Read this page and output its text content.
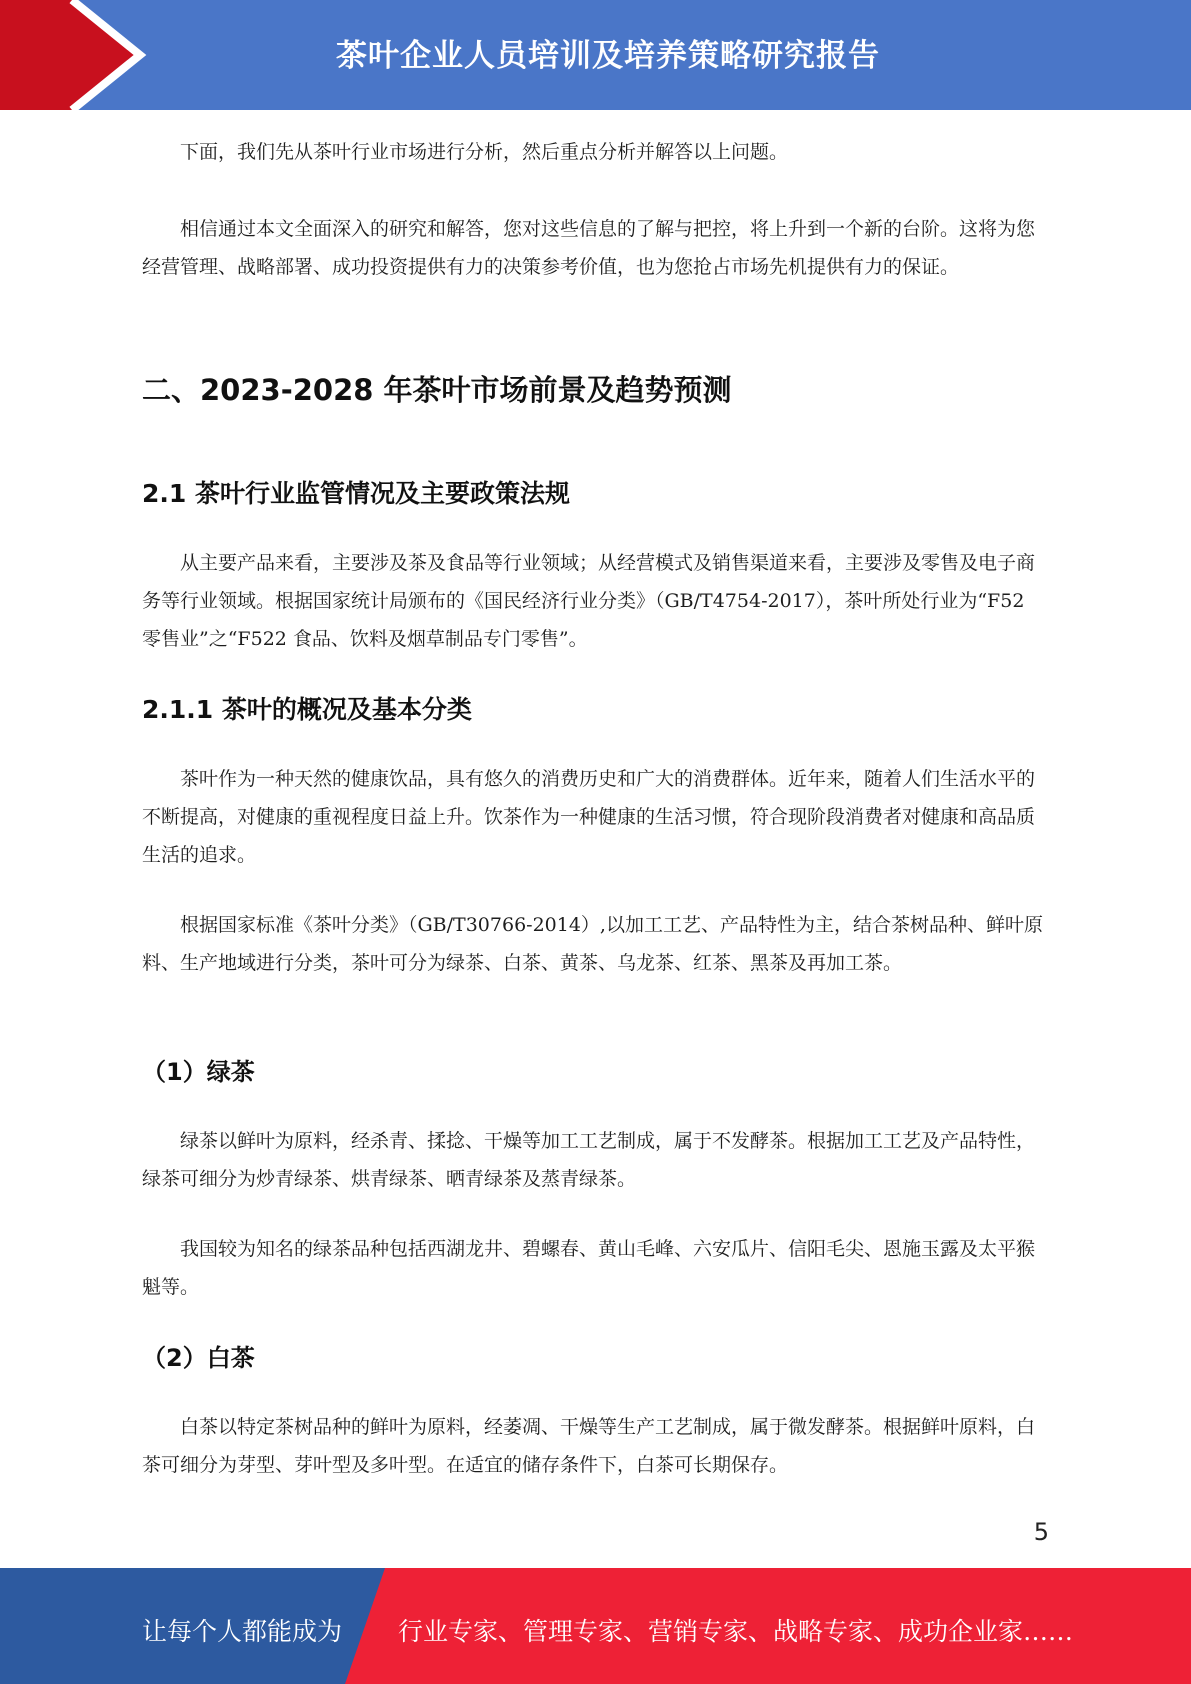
茶叶企业人员培训及培养策略研究报告

下面，我们先从茶叶行业市场进行分析，然后重点分析并解答以上问题。

相信通过本文全面深入的研究和解答，您对这些信息的了解与把控，将上升到一个新的台阶。这将为您经营管理、战略部署、成功投资提供有力的决策参考价值，也为您抢占市场先机提供有力的保证。

二、2023-2028 年茶叶市场前景及趋势预测
2.1 茶叶行业监管情况及主要政策法规

从主要产品来看，主要涉及茶及食品等行业领域；从经营模式及销售渠道来看，主要涉及零售及电子商务等行业领域。根据国家统计局颁布的《国民经济行业分类》（GB/T4754-2017），茶叶所处行业为“F52 零售业”之“F522 食品、饮料及烟草制品专门零售”。

2.1.1 茶叶的概况及基本分类

茶叶作为一种天然的健康饮品，具有悠久的消费历史和广大的消费群体。近年来，随着人们生活水平的不断提高，对健康的重视程度日益上升。饮茶作为一种健康的生活习惯，符合现阶段消费者对健康和高品质生活的追求。

根据国家标准《茶叶分类》（GB/T30766-2014）,以加工工艺、产品特性为主，结合茶树品种、鲜叶原料、生产地域进行分类，茶叶可分为绿茶、白茶、黄茶、乌龙茶、红茶、黑茶及再加工茶。

（1）绿茶

绿茶以鲜叶为原料，经杀青、揉捻、干燥等加工工艺制成，属于不发酵茶。根据加工工艺及产品特性，绿茶可细分为炒青绿茶、烘青绿茶、晒青绿茶及蒸青绿茶。

我国较为知名的绿茶品种包括西湖龙井、碧螺春、黄山毛峰、六安瓜片、信阳毛尖、恩施玉露及太平猴魁等。

（2）白茶

白茶以特定茶树品种的鲜叶为原料，经萎凋、干燥等生产工艺制成，属于微发酵茶。根据鲜叶原料，白茶可细分为芽型、芽叶型及多叶型。在适宜的储存条件下，白茶可长期保存。

5
让每个人都能成为 行业专家、管理专家、营销专家、战略专家、成功企业家……
